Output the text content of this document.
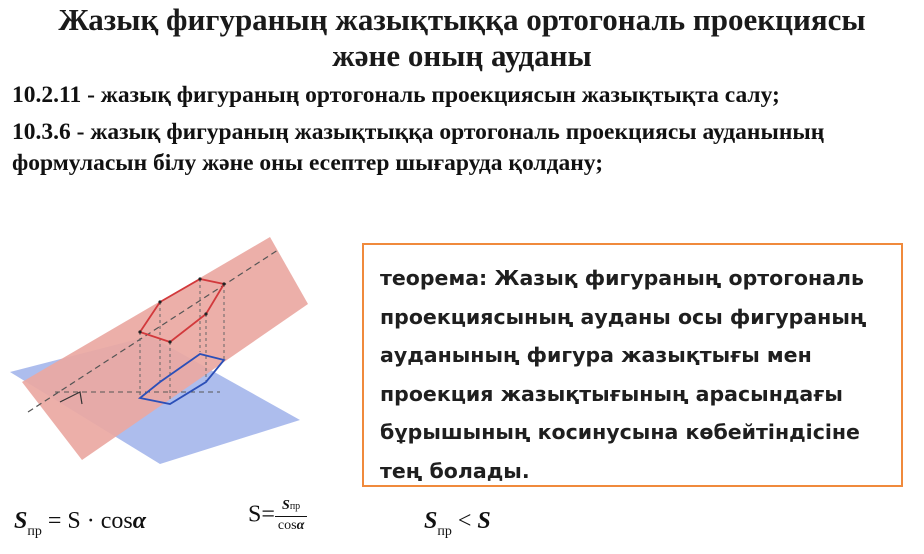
Жазық фигураның жазықтыққа ортогональ проекциясы
және оның ауданы

10.2.11 - жазық фигураның ортогональ проекциясын жазықтықта салу;

10.3.6 - жазық фигураның жазықтыққа ортогональ проекциясы ауданының формуласын білу және оны есептер шығаруда қолдану;

теорема: Жазық фигураның ортогональ проекциясының ауданы осы фигураның ауданының фигура жазықтығы мен проекция жазықтығының арасындағы бұрышының косинусына көбейтіндісіне тең болады.
$S_{пр} = S \cdot \cos\alpha$	$S= \frac{\text{Sпр}}{\cos\alpha}$	$S_{пр} < S$
